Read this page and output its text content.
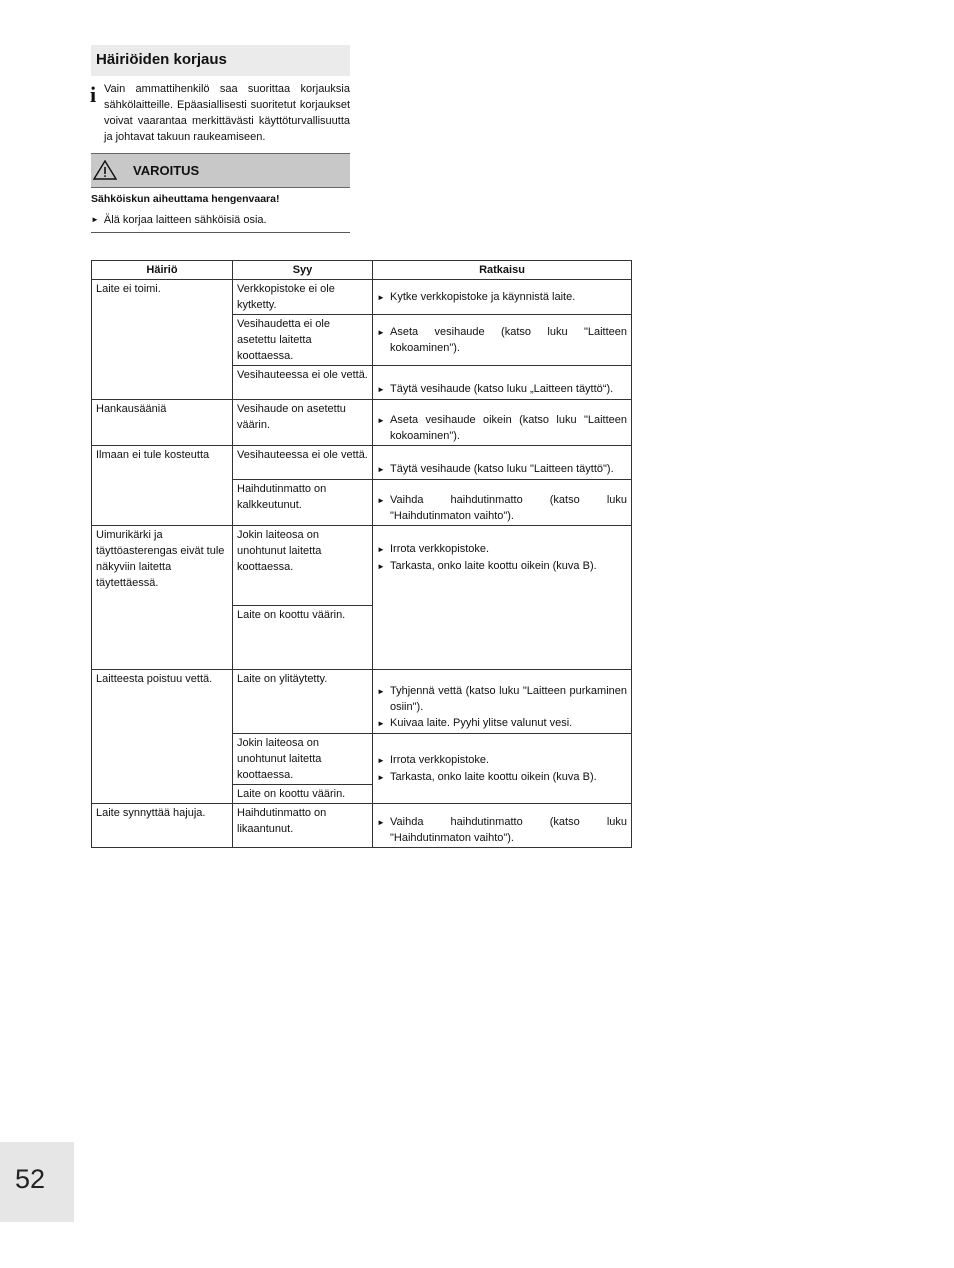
Häiriöiden korjaus
i Vain ammattihenkilö saa suorittaa korjauksia sähkölaitteille. Epäasiallisesti suoritetut korjaukset voivat vaarantaa merkittävästi käyttöturvallisuutta ja johtavat takuun raukeamiseen.
VAROITUS
Sähköiskun aiheuttama hengenvaara!
► Älä korjaa laitteen sähköisiä osia.
Häiriö	Syy	Ratkaisu
Laite ei toimi.	Verkkopistoke ei ole kytketty.	► Kytke verkkopistoke ja käynnistä laite.

	Vesihaudetta ei ole asetettu laitetta koottaessa.	► Aseta vesihaude (katso luku "Laitteen kokoaminen").

	Vesihauteessa ei ole vettä.	► Täytä vesihaude (katso luku „Laitteen täyttö“).

Hankausääniä	Vesihaude on asetettu väärin.	► Aseta vesihaude oikein (katso luku "Laitteen kokoaminen").

Ilmaan ei tule kosteutta	Vesihauteessa ei ole vettä.	► Täytä vesihaude (katso luku "Laitteen täyttö").

	Haihdutinmatto on kalkkeutunut.	► Vaihda haihdutinmatto (katso luku "Haihdutinmaton vaihto").

Uimurikärki ja täyttöasterengas eivät tule näkyviin laitetta täytettäessä.	Jokin laiteosa on unohtunut laitetta koottaessa.	► Irrota verkkopistoke.
► Tarkasta, onko laite koottu oikein (kuva B).

	Laite on koottu väärin.	
Laitteesta poistuu vettä.	Laite on ylitäytetty.	► Tyhjennä vettä (katso luku "Laitteen purkaminen osiin").
► Kuivaa laite. Pyyhi ylitse valunut vesi.

	Jokin laiteosa on unohtunut laitetta koottaessa.	► Irrota verkkopistoke.
► Tarkasta, onko laite koottu oikein (kuva B).

	Laite on koottu väärin.	
Laite synnyttää hajuja.	Haihdutinmatto on likaantunut.	► Vaihda haihdutinmatto (katso luku "Haihdutinmaton vaihto").
52
